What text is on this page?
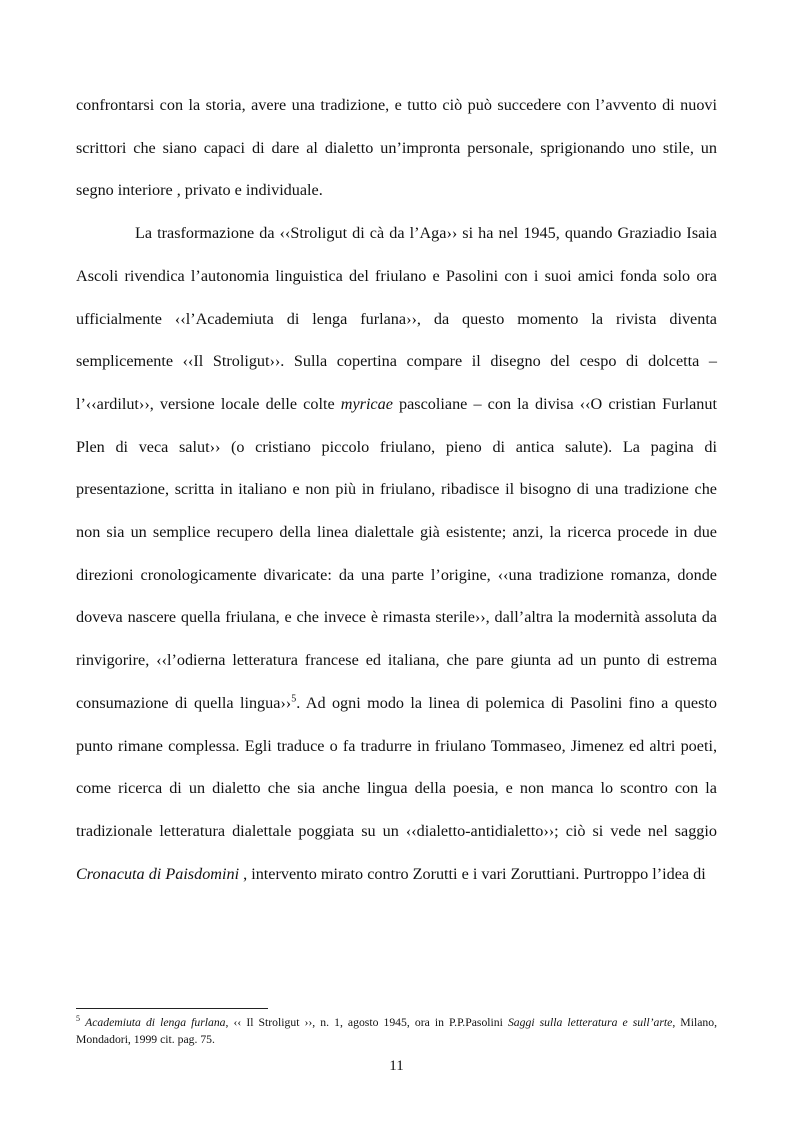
confrontarsi con la storia, avere una tradizione, e tutto ciò può succedere con l’avvento di nuovi scrittori che siano capaci di dare al dialetto un’impronta personale, sprigionando uno stile, un segno interiore , privato e individuale.

La trasformazione da ‹‹Stroligut di cà da l’Aga›› si ha nel 1945, quando Graziadio Isaia Ascoli rivendica l’autonomia linguistica del friulano e Pasolini con i suoi amici fonda solo ora ufficialmente ‹‹l’Academiuta di lenga furlana››, da questo momento la rivista diventa semplicemente ‹‹Il Stroligut››. Sulla copertina compare il disegno del cespo di dolcetta – l’‹‹ardilut››, versione locale delle colte myricae pascoliane – con la divisa ‹‹O cristian Furlanut Plen di veca salut›› (o cristiano piccolo friulano, pieno di antica salute). La pagina di presentazione, scritta in italiano e non più in friulano, ribadisce il bisogno di una tradizione che non sia un semplice recupero della linea dialettale già esistente; anzi, la ricerca procede in due direzioni cronologicamente divaricate: da una parte l’origine, ‹‹una tradizione romanza, donde doveva nascere quella friulana, e che invece è rimasta sterile››, dall’altra la modernità assoluta da rinvigorire, ‹‹l’odierna letteratura francese ed italiana, che pare giunta ad un punto di estrema consumazione di quella lingua››$^5$. Ad ogni modo la linea di polemica di Pasolini fino a questo punto rimane complessa. Egli traduce o fa tradurre in friulano Tommaseo, Jimenez ed altri poeti, come ricerca di un dialetto che sia anche lingua della poesia, e non manca lo scontro con la tradizionale letteratura dialettale poggiata su un ‹‹dialetto-antidialetto››; ciò si vede nel saggio Cronacuta di Paisdomini , intervento mirato contro Zorutti e i vari Zoruttiani. Purtroppo l’idea di

$^5$ Academiuta di lenga furlana, ‹‹ Il Stroligut ››, n. 1, agosto 1945, ora in P.P.Pasolini Saggi sulla letteratura e sull’arte, Milano, Mondadori, 1999 cit. pag. 75.
11
